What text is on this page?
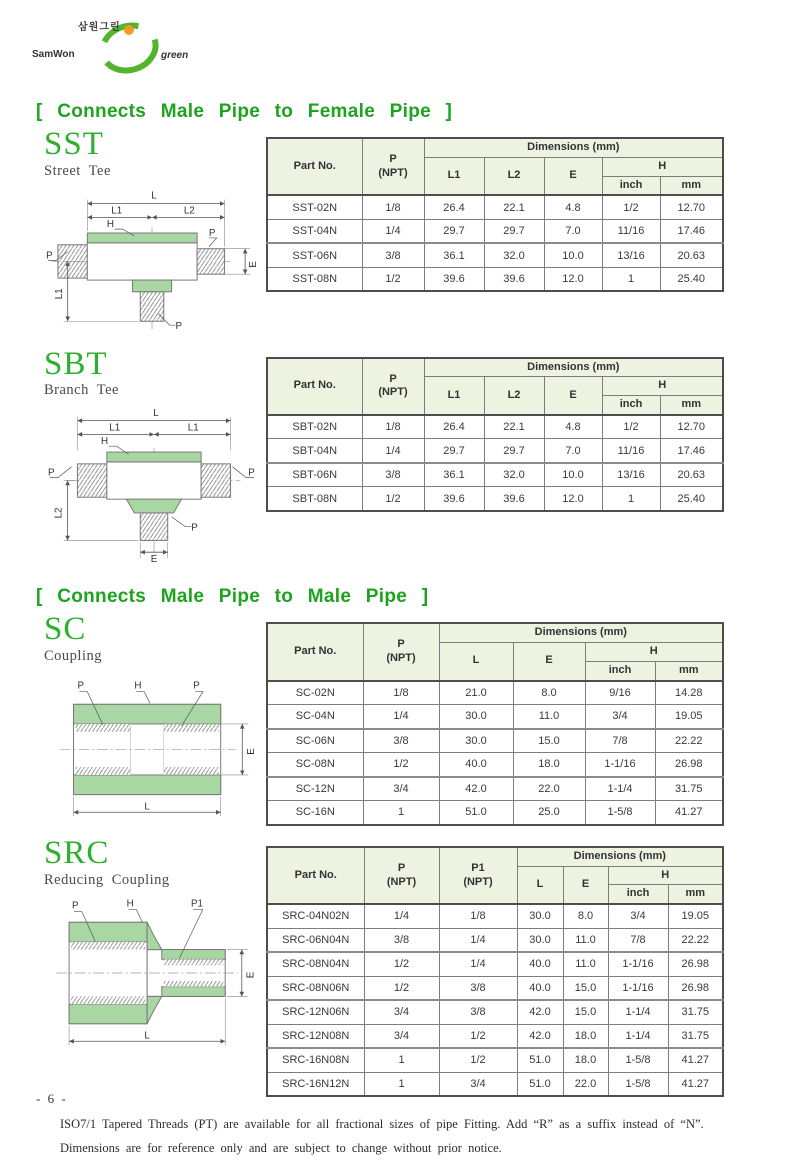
삼원그린
SamWon	green
[ Connects Male Pipe to Female Pipe ]
SST
Street Tee
L
L1	L2
H
P
P
P
L1
E
Part No.	P
(NPT)	Dimensions (mm)				
		L1	L2	E	H	
					inch	mm
SST-02N	1/8	26.4	22.1	4.8	1/2	12.70
SST-04N	1/4	29.7	29.7	7.0	11/16	17.46
SST-06N	3/8	36.1	32.0	10.0	13/16	20.63
SST-08N	1/2	39.6	39.6	12.0	1	25.40
SBT
Branch Tee
L
L1	L1
H
P	P
P
L2
E
Part No.	P
(NPT)	Dimensions (mm)				
		L1	L2	E	H	
					inch	mm
SBT-02N	1/8	26.4	22.1	4.8	1/2	12.70
SBT-04N	1/4	29.7	29.7	7.0	11/16	17.46
SBT-06N	3/8	36.1	32.0	10.0	13/16	20.63
SBT-08N	1/2	39.6	39.6	12.0	1	25.40
[ Connects Male Pipe to Male Pipe ]
SC
Coupling
P	H	P
E
L
Part No.	P
(NPT)	Dimensions (mm)			
		L	E	H	
				inch	mm
SC-02N	1/8	21.0	8.0	9/16	14.28
SC-04N	1/4	30.0	11.0	3/4	19.05
SC-06N	3/8	30.0	15.0	7/8	22.22
SC-08N	1/2	40.0	18.0	1-1/16	26.98
SC-12N	3/4	42.0	22.0	1-1/4	31.75
SC-16N	1	51.0	25.0	1-5/8	41.27
SRC
Reducing Coupling
P	H	P1
E
L
Part No.	P
(NPT)	P1
(NPT)	Dimensions (mm)			
			L	E	H	
					inch	mm
SRC-04N02N	1/4	1/8	30.0	8.0	3/4	19.05
SRC-06N04N	3/8	1/4	30.0	11.0	7/8	22.22
SRC-08N04N	1/2	1/4	40.0	11.0	1-1/16	26.98
SRC-08N06N	1/2	3/8	40.0	15.0	1-1/16	26.98
SRC-12N06N	3/4	3/8	42.0	15.0	1-1/4	31.75
SRC-12N08N	3/4	1/2	42.0	18.0	1-1/4	31.75
SRC-16N08N	1	1/2	51.0	18.0	1-5/8	41.27
SRC-16N12N	1	3/4	51.0	22.0	1-5/8	41.27
ISO7/1 Tapered Threads (PT) are available for all fractional sizes of pipe Fitting. Add “R” as a suffix instead of “N”.
Dimensions are for reference only and are subject to change without prior notice.
- 6 -
